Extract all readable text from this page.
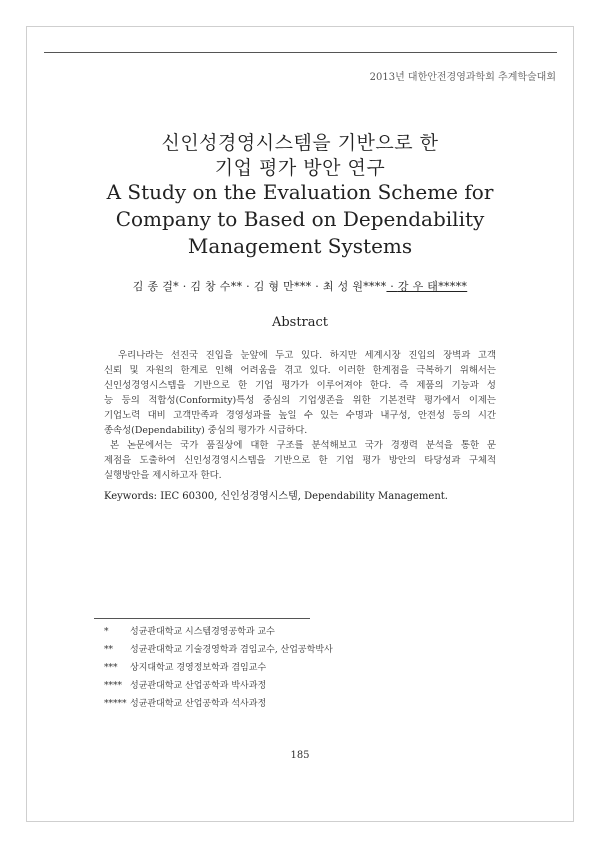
2013년 대한안전경영과학회 추계학술대회
신인성경영시스템을 기반으로 한
기업 평가 방안 연구
A Study on the Evaluation Scheme for
Company to Based on Dependability
Management Systems
김 종 걸* · 김 창 수** · 김 형 만*** · 최 성 원**** · 강 우 태*****
Abstract
우리나라는 선진국 진입을 눈앞에 두고 있다. 하지만 세계시장 진입의 장벽과 고객
신뢰 및 자원의 한계로 인해 어려움을 겪고 있다. 이러한 한계점을 극복하기 위해서는
신인성경영시스템을 기반으로 한 기업 평가가 이루어져야 한다. 즉 제품의 기능과 성
능 등의 적합성(Conformity)특성 중심의 기업생존을 위한 기본전략 평가에서 이제는
기업노력 대비 고객만족과 경영성과를 높일 수 있는 수명과 내구성, 안전성 등의 시간
종속성(Dependability) 중심의 평가가 시급하다.
본 논문에서는 국가 품질상에 대한 구조를 분석해보고 국가 경쟁력 분석을 통한 문
제점을 도출하여 신인성경영시스템을 기반으로 한 기업 평가 방안의 타당성과 구체적
실행방안을 제시하고자 한다.
Keywords: IEC 60300, 신인성경영시스템, Dependability Management.
* 성균관대학교 시스템경영공학과 교수
** 성균관대학교 기술경영학과 겸임교수, 산업공학박사
*** 상지대학교 경영정보학과 겸임교수
**** 성균관대학교 산업공학과 박사과정
***** 성균관대학교 산업공학과 석사과정
185
